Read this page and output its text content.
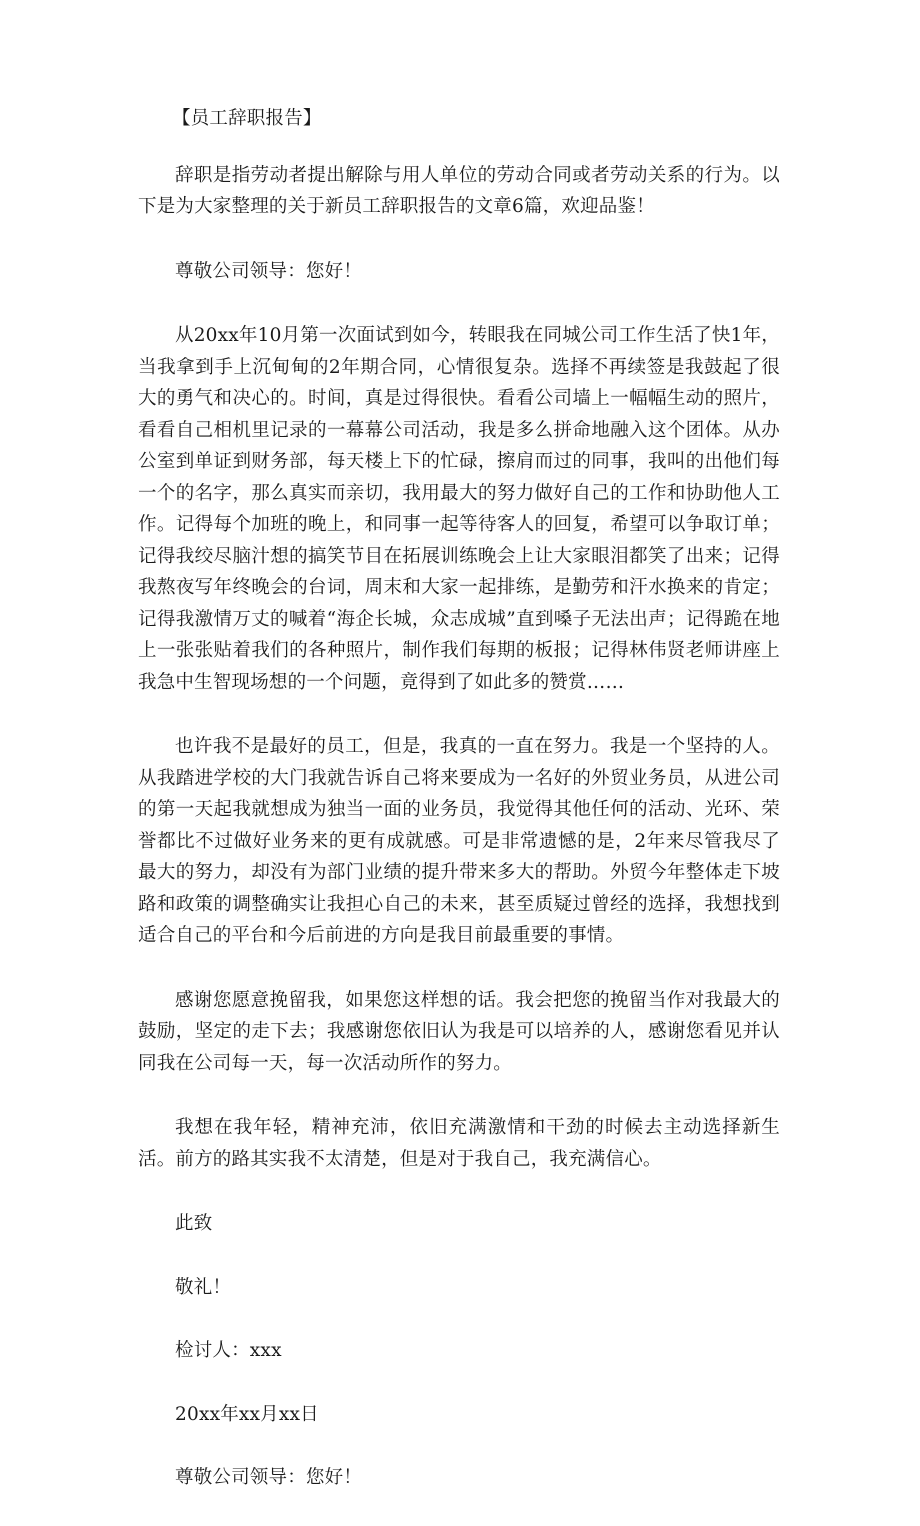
【员工辞职报告】

辞职是指劳动者提出解除与用人单位的劳动合同或者劳动关系的行为。以下是为大家整理的关于新员工辞职报告的文章6篇，欢迎品鉴！

尊敬公司领导：您好！

从20xx年10月第一次面试到如今，转眼我在同城公司工作生活了快1年，当我拿到手上沉甸甸的2年期合同，心情很复杂。选择不再续签是我鼓起了很大的勇气和决心的。时间，真是过得很快。看看公司墙上一幅幅生动的照片，看看自己相机里记录的一幕幕公司活动，我是多么拼命地融入这个团体。从办公室到单证到财务部，每天楼上下的忙碌，擦肩而过的同事，我叫的出他们每一个的名字，那么真实而亲切，我用最大的努力做好自己的工作和协助他人工作。记得每个加班的晚上，和同事一起等待客人的回复，希望可以争取订单；记得我绞尽脑汁想的搞笑节目在拓展训练晚会上让大家眼泪都笑了出来；记得我熬夜写年终晚会的台词，周末和大家一起排练，是勤劳和汗水换来的肯定；记得我激情万丈的喊着“海企长城，众志成城”直到嗓子无法出声；记得跪在地上一张张贴着我们的各种照片，制作我们每期的板报；记得林伟贤老师讲座上我急中生智现场想的一个问题，竟得到了如此多的赞赏……

也许我不是最好的员工，但是，我真的一直在努力。我是一个坚持的人。从我踏进学校的大门我就告诉自己将来要成为一名好的外贸业务员，从进公司的第一天起我就想成为独当一面的业务员，我觉得其他任何的活动、光环、荣誉都比不过做好业务来的更有成就感。可是非常遗憾的是，2年来尽管我尽了最大的努力，却没有为部门业绩的提升带来多大的帮助。外贸今年整体走下坡路和政策的调整确实让我担心自己的未来，甚至质疑过曾经的选择，我想找到适合自己的平台和今后前进的方向是我目前最重要的事情。

感谢您愿意挽留我，如果您这样想的话。我会把您的挽留当作对我最大的鼓励，坚定的走下去；我感谢您依旧认为我是可以培养的人，感谢您看见并认同我在公司每一天，每一次活动所作的努力。

我想在我年轻，精神充沛，依旧充满激情和干劲的时候去主动选择新生活。前方的路其实我不太清楚，但是对于我自己，我充满信心。

此致

敬礼！

检讨人：xxx

20xx年xx月xx日

尊敬公司领导：您好！
